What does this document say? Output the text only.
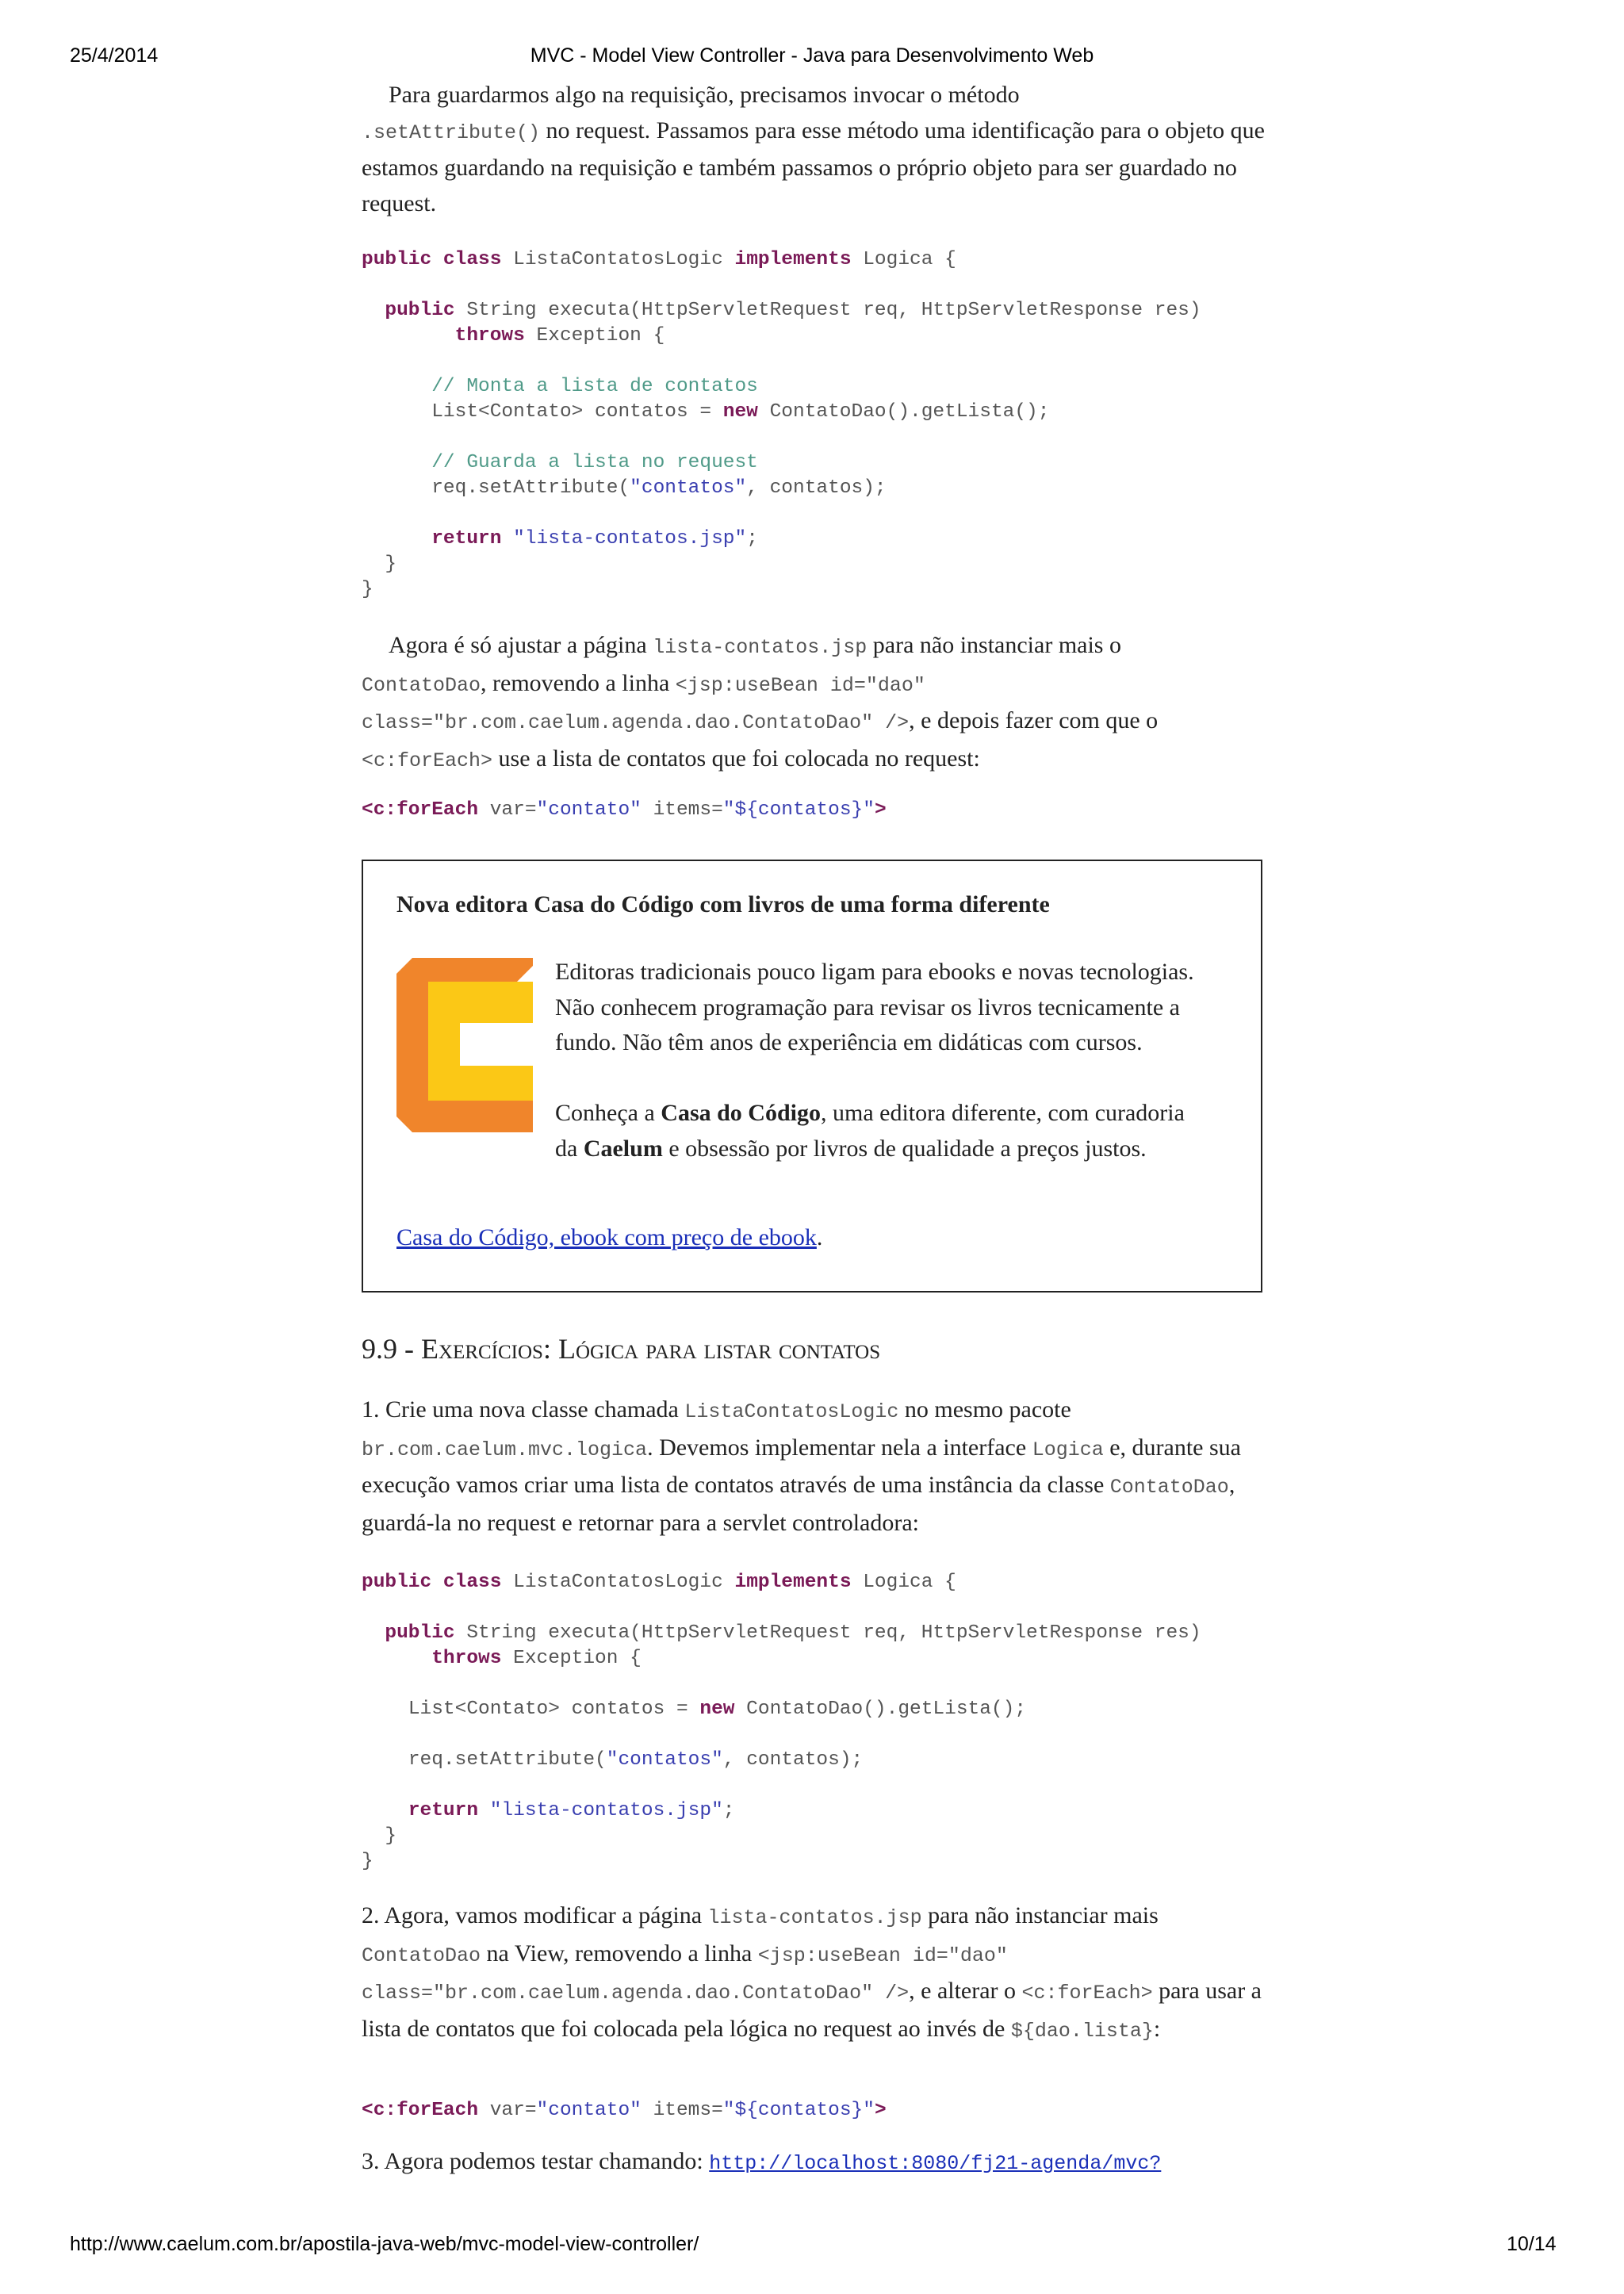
25/4/2014	MVC - Model View Controller - Java para Desenvolvimento Web

Para guardarmos algo na requisição, precisamos invocar o método
.setAttribute() no request. Passamos para esse método uma identificação para o objeto que estamos guardando na requisição e também passamos o próprio objeto para ser guardado no request.

public class ListaContatosLogic implements Logica {

public String executa(HttpServletRequest req, HttpServletResponse res)
throws Exception {

// Monta a lista de contatos
List<Contato> contatos = new ContatoDao().getLista();

// Guarda a lista no request
req.setAttribute("contatos", contatos);

return "lista-contatos.jsp";
}
}

Agora é só ajustar a página lista-contatos.jsp para não instanciar mais o
ContatoDao, removendo a linha <jsp:useBean id="dao" class="br.com.caelum.agenda.dao.ContatoDao" />, e depois fazer com que o <c:forEach> use a lista de contatos que foi colocada no request:

<c:forEach var="contato" items="${contatos}">
Nova editora Casa do Código com livros de uma forma diferente
Editoras tradicionais pouco ligam para ebooks e novas tecnologias. Não conhecem programação para revisar os livros tecnicamente a fundo. Não têm anos de experiência em didáticas com cursos.
Conheça a Casa do Código, uma editora diferente, com curadoria da Caelum e obsessão por livros de qualidade a preços justos.
Casa do Código, ebook com preço de ebook.
9.9 - Exercícios: Lógica para listar contatos

1. Crie uma nova classe chamada ListaContatosLogic no mesmo pacote
br.com.caelum.mvc.logica. Devemos implementar nela a interface Logica e, durante sua execução vamos criar uma lista de contatos através de uma instância da classe ContatoDao, guardá-la no request e retornar para a servlet controladora:

public class ListaContatosLogic implements Logica {

public String executa(HttpServletRequest req, HttpServletResponse res)
throws Exception {

List<Contato> contatos = new ContatoDao().getLista();

req.setAttribute("contatos", contatos);

return "lista-contatos.jsp";
}
}

2. Agora, vamos modificar a página lista-contatos.jsp para não instanciar mais
ContatoDao na View, removendo a linha <jsp:useBean id="dao" class="br.com.caelum.agenda.dao.ContatoDao" />, e alterar o <c:forEach> para usar a lista de contatos que foi colocada pela lógica no request ao invés de ${dao.lista}:

<c:forEach var="contato" items="${contatos}">

3. Agora podemos testar chamando: http://localhost:8080/fj21-agenda/mvc?

http://www.caelum.com.br/apostila-java-web/mvc-model-view-controller/	10/14
